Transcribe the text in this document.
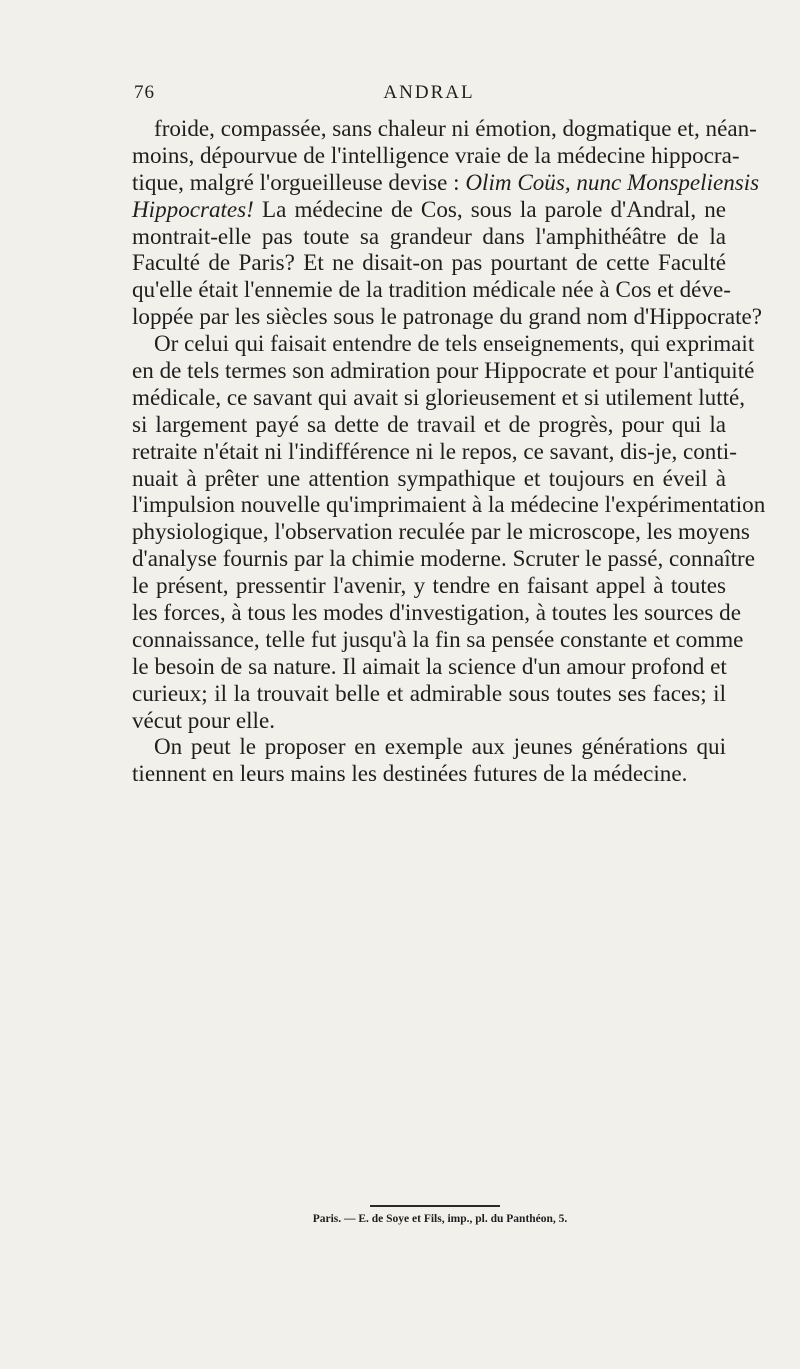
76	ANDRAL
froide, compassée, sans chaleur ni émotion, dogmatique et, néan-
moins, dépourvue de l'intelligence vraie de la médecine hippocra-
tique, malgré l'orgueilleuse devise : Olim Coüs, nunc Monspeliensis
Hippocrates! La médecine de Cos, sous la parole d'Andral, ne
montrait-elle pas toute sa grandeur dans l'amphithéâtre de la
Faculté de Paris? Et ne disait-on pas pourtant de cette Faculté
qu'elle était l'ennemie de la tradition médicale née à Cos et déve-
loppée par les siècles sous le patronage du grand nom d'Hippocrate?
Or celui qui faisait entendre de tels enseignements, qui exprimait
en de tels termes son admiration pour Hippocrate et pour l'antiquité
médicale, ce savant qui avait si glorieusement et si utilement lutté,
si largement payé sa dette de travail et de progrès, pour qui la
retraite n'était ni l'indifférence ni le repos, ce savant, dis-je, conti-
nuait à prêter une attention sympathique et toujours en éveil à
l'impulsion nouvelle qu'imprimaient à la médecine l'expérimentation
physiologique, l'observation reculée par le microscope, les moyens
d'analyse fournis par la chimie moderne. Scruter le passé, connaître
le présent, pressentir l'avenir, y tendre en faisant appel à toutes
les forces, à tous les modes d'investigation, à toutes les sources de
connaissance, telle fut jusqu'à la fin sa pensée constante et comme
le besoin de sa nature. Il aimait la science d'un amour profond et
curieux; il la trouvait belle et admirable sous toutes ses faces; il
vécut pour elle.
On peut le proposer en exemple aux jeunes générations qui
tiennent en leurs mains les destinées futures de la médecine.
Paris. — E. de Soye et Fils, imp., pl. du Panthéon, 5.
